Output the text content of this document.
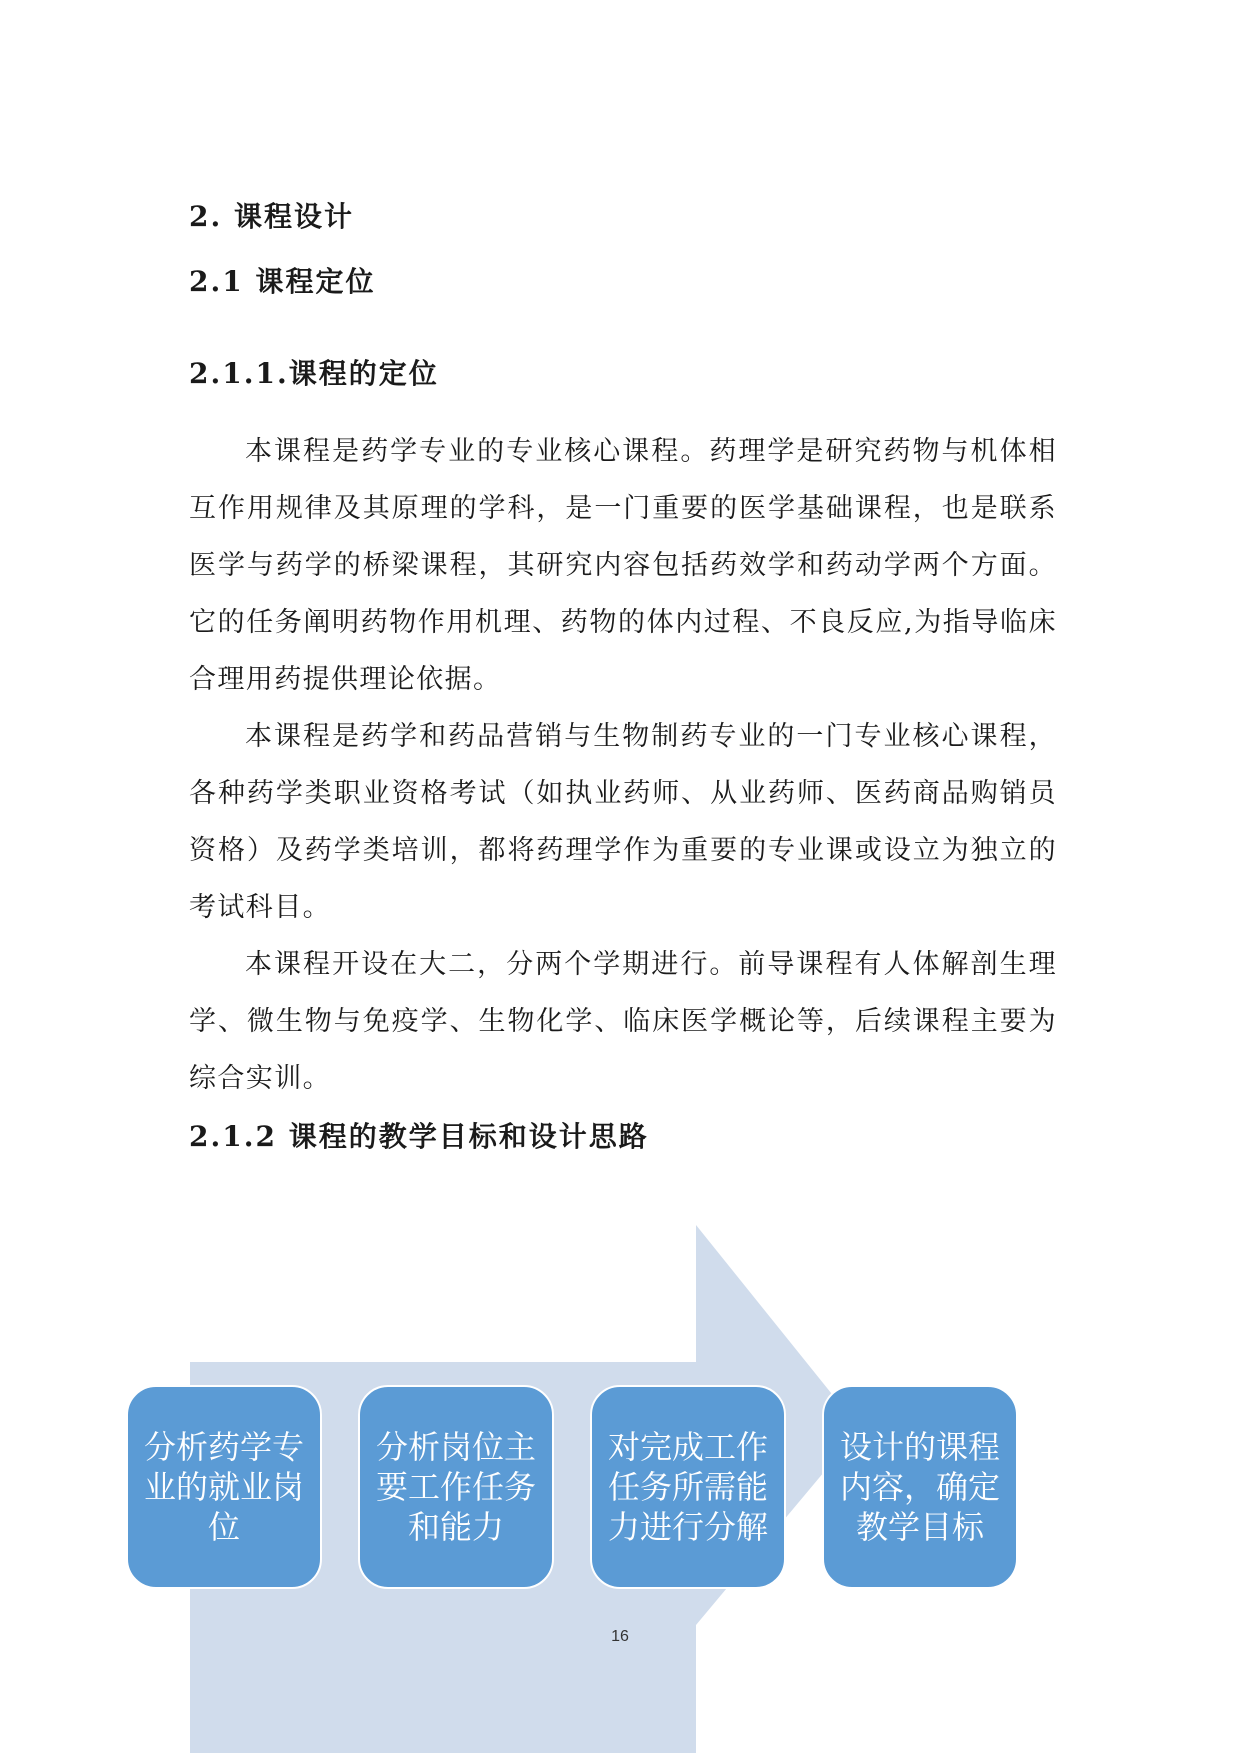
2. 课程设计
2.1 课程定位
2.1.1.课程的定位

本课程是药学专业的专业核心课程。药理学是研究药物与机体相互作用规律及其原理的学科，是一门重要的医学基础课程，也是联系医学与药学的桥梁课程，其研究内容包括药效学和药动学两个方面。它的任务阐明药物作用机理、药物的体内过程、不良反应,为指导临床合理用药提供理论依据。

本课程是药学和药品营销与生物制药专业的一门专业核心课程，各种药学类职业资格考试（如执业药师、从业药师、医药商品购销员资格）及药学类培训，都将药理学作为重要的专业课或设立为独立的考试科目。

本课程开设在大二，分两个学期进行。前导课程有人体解剖生理学、微生物与免疫学、生物化学、临床医学概论等，后续课程主要为综合实训。

2.1.2 课程的教学目标和设计思路
分析药学专业的就业岗位
分析岗位主要工作任务和能力
对完成工作任务所需能力进行分解
设计的课程内容，确定教学目标
16
